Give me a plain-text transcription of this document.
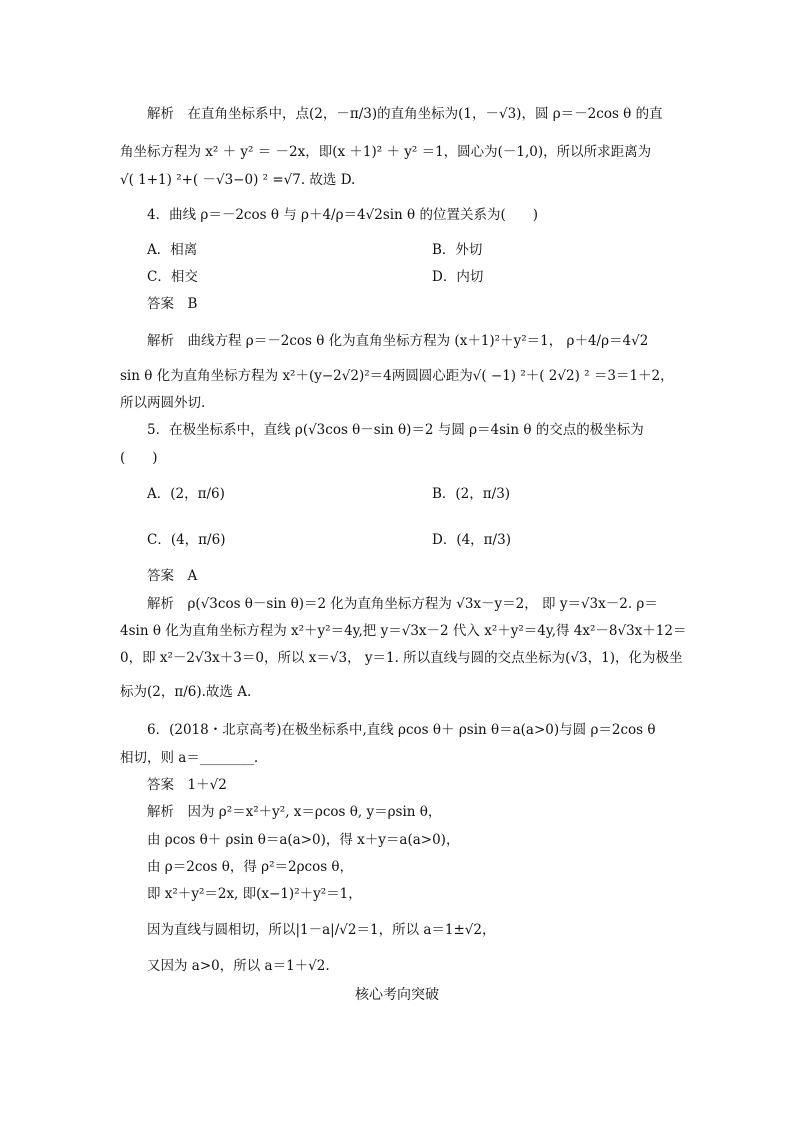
解析　在直角坐标系中，点(2，－π/3)的直角坐标为(1，－√3)，圆 ρ＝－2cos θ 的直
角坐标方程为 x² ＋ y² ＝ －2x，即(x ＋1)² ＋ y² ＝1，圆心为(－1,0)，所以所求距离为
√( 1+1) ²+( －√3−0) ² =√7. 故选 D.
4．曲线 ρ＝－2cos θ 与 ρ＋4/ρ＝4√2sin θ 的位置关系为(　　)
A．相离	B．外切
C．相交	D．内切
答案　B
解析　曲线方程 ρ＝－2cos θ 化为直角坐标方程为 (x＋1)²＋y²＝1， ρ＋4/ρ＝4√2
sin θ 化为直角坐标方程为 x²＋(y−2√2)²＝4两圆圆心距为√( −1) ²＋( 2√2) ² ＝3＝1＋2，
所以两圆外切.
5．在极坐标系中，直线 ρ(√3cos θ－sin θ)＝2 与圆 ρ＝4sin θ 的交点的极坐标为
(　　)
A．(2，π/6)	B．(2，π/3)
C．(4，π/6)	D．(4，π/3)
答案　A
解析　ρ(√3cos θ－sin θ)＝2 化为直角坐标方程为 √3x－y＝2， 即 y＝√3x－2. ρ＝
4sin θ 化为直角坐标方程为 x²＋y²＝4y,把 y＝√3x－2 代入 x²＋y²＝4y,得 4x²－8√3x＋12＝
0，即 x²－2√3x＋3＝0，所以 x＝√3， y＝1. 所以直线与圆的交点坐标为(√3，1)，化为极坐
标为(2，π/6).故选 A.
6．(2018・北京高考)在极坐标系中,直线 ρcos θ＋ ρsin θ＝a(a>0)与圆 ρ＝2cos θ
相切，则 a＝________.
答案　1＋√2
解析　因为 ρ²＝x²＋y², x＝ρcos θ, y＝ρsin θ，
由 ρcos θ＋ ρsin θ＝a(a>0)，得 x＋y＝a(a>0)，
由 ρ＝2cos θ，得 ρ²＝2ρcos θ，
即 x²＋y²＝2x, 即(x−1)²＋y²＝1，
因为直线与圆相切，所以|1－a|/√2＝1，所以 a＝1±√2，
又因为 a>0，所以 a＝1＋√2.
核心考向突破
